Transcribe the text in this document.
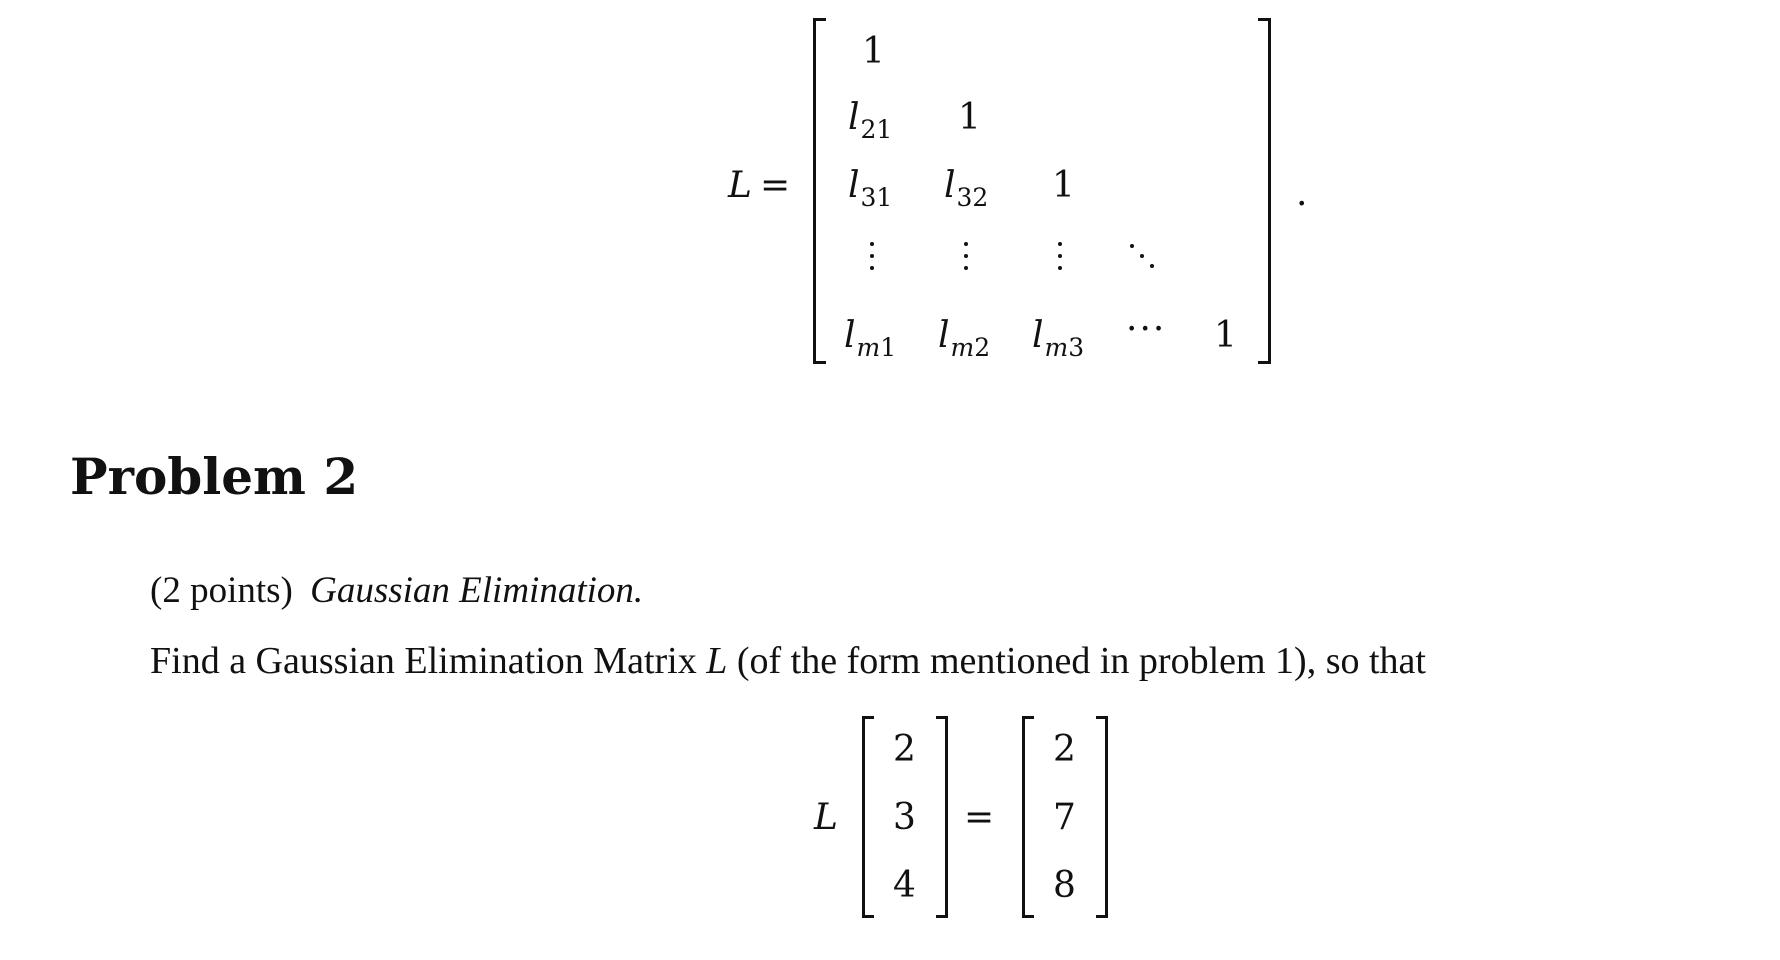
L =
1
$l_{21}$ 1
$l_{31}$ $l_{32}$ 1
$l_{m1}$ $l_{m2}$ $l_{m3}$ ··· 1
.
Problem 2
(2 points) Gaussian Elimination.
Find a Gaussian Elimination Matrix L (of the form mentioned in problem 1), so that
L
2
3
4
=
2
7
8
